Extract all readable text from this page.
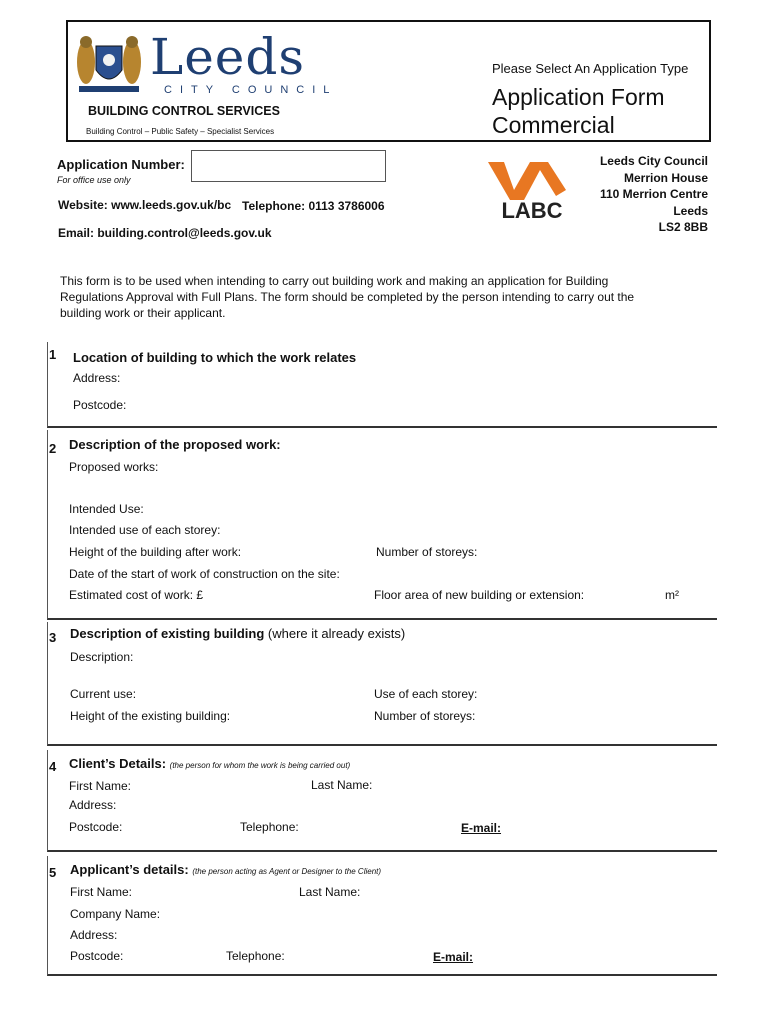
Leeds
CITY COUNCIL
BUILDING CONTROL SERVICES
Building Control – Public Safety – Specialist Services
Please Select An Application Type
Application Form
Commercial
Application Number:
For office use only
Website: www.leeds.gov.uk/bc Telephone: 0113 3786006
Email: building.control@leeds.gov.uk
LABC
Leeds City Council
Merrion House
110 Merrion Centre
Leeds
LS2 8BB
This form is to be used when intending to carry out building work and making an application for Building Regulations Approval with Full Plans. The form should be completed by the person intending to carry out the building work or their applicant.
1 Location of building to which the work relates
Address:
Postcode:
2 Description of the proposed work:
Proposed works:
Intended Use:
Intended use of each storey:
Height of the building after work:	Number of storeys:
Date of the start of work of construction on the site:
Estimated cost of work: £	Floor area of new building or extension:	m²
3 Description of existing building (where it already exists)
Description:
Current use:	Use of each storey:
Height of the existing building:	Number of storeys:
4 Client’s Details: (the person for whom the work is being carried out)
First Name:	Last Name:
Address:
Postcode:	Telephone:	E-mail:
5 Applicant’s details: (the person acting as Agent or Designer to the Client)
First Name:	Last Name:
Company Name:
Address:
Postcode:	Telephone:	E-mail:
